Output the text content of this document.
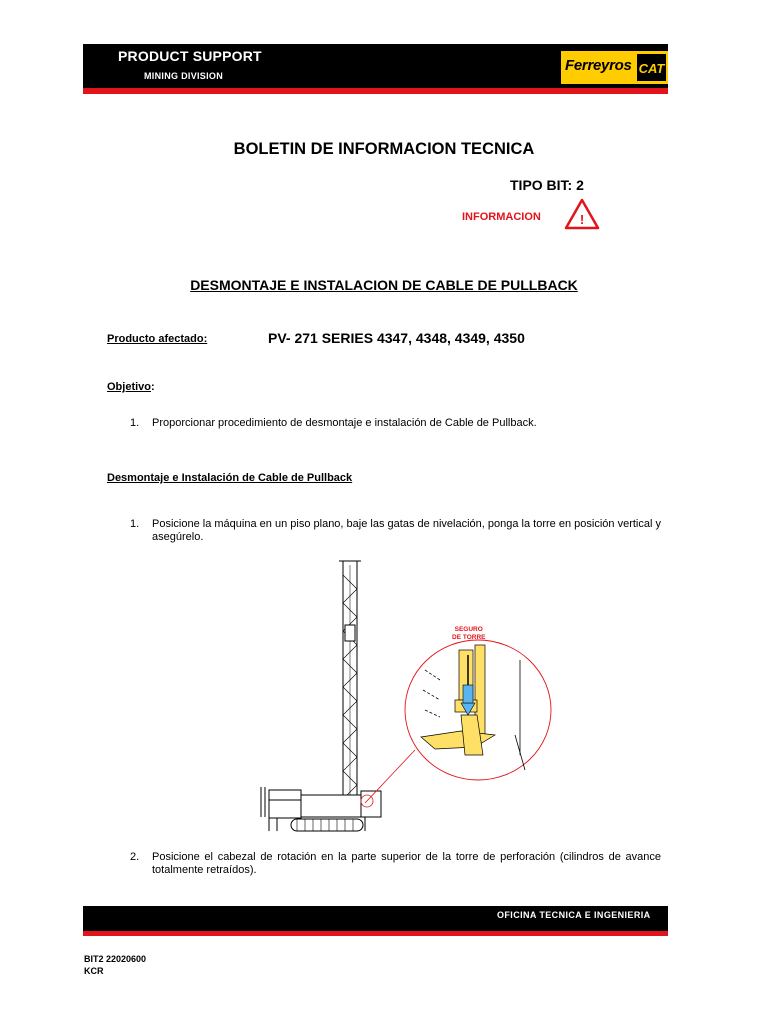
PRODUCT SUPPORT
MINING DIVISION
Ferreyros CAT
BOLETIN DE INFORMACION TECNICA
TIPO BIT: 2
INFORMACION	!
DESMONTAJE E INSTALACION DE CABLE DE PULLBACK
Producto afectado:	PV- 271 SERIES 4347, 4348, 4349, 4350
Objetivo:
1. Proporcionar procedimiento de desmontaje e instalación de Cable de Pullback.
Desmontaje e Instalación de Cable de Pullback
1. Posicione la máquina en un piso plano, baje las gatas de nivelación, ponga la torre en posición vertical y asegúrelo.
SEGURO
DE TORRE
2. Posicione el cabezal de rotación en la parte superior de la torre de perforación (cilindros de avance totalmente retraídos).
OFICINA TECNICA E INGENIERIA
BIT2 22020600
KCR
